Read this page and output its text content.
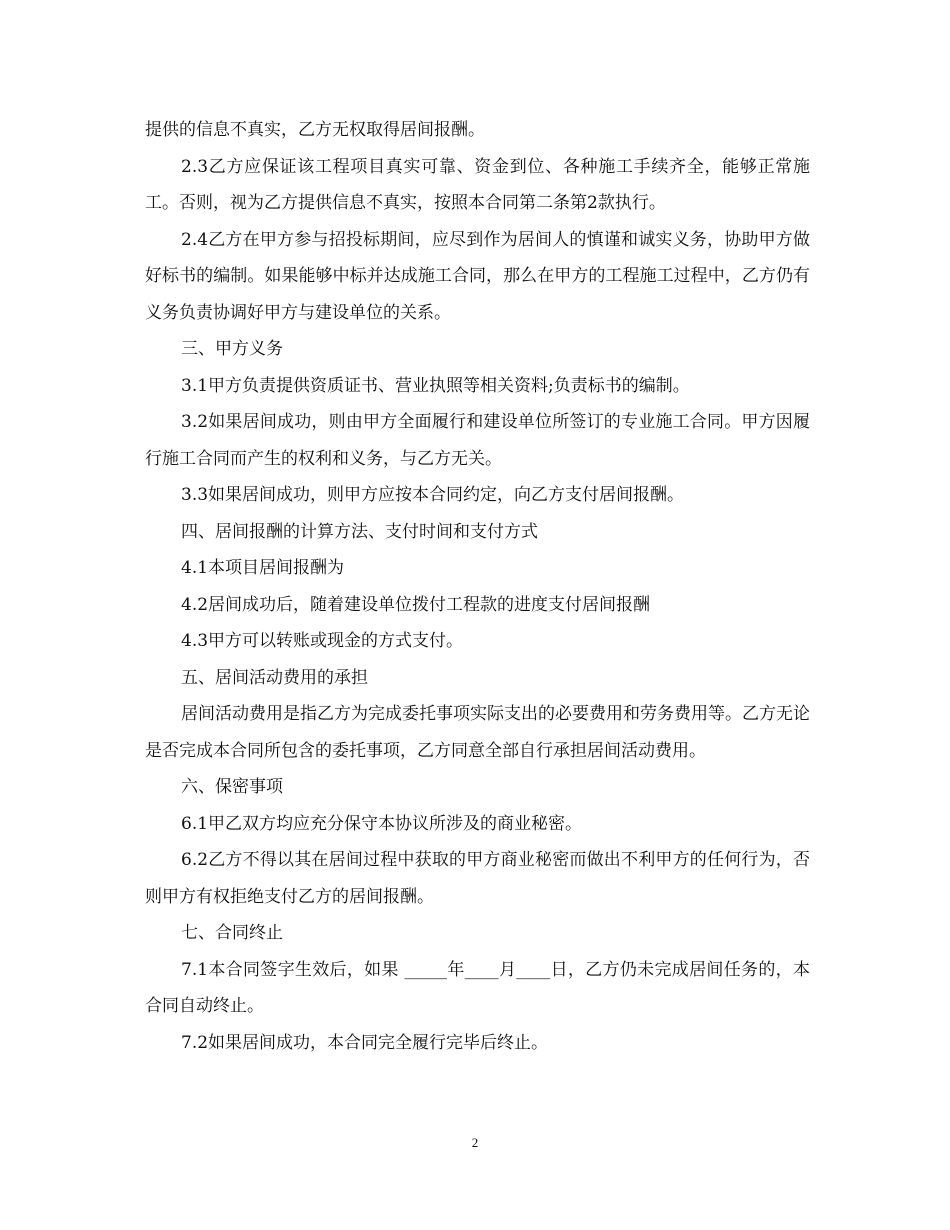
提供的信息不真实，乙方无权取得居间报酬。

2.3乙方应保证该工程项目真实可靠、资金到位、各种施工手续齐全，能够正常施工。否则，视为乙方提供信息不真实，按照本合同第二条第2款执行。

2.4乙方在甲方参与招投标期间，应尽到作为居间人的慎谨和诚实义务，协助甲方做好标书的编制。如果能够中标并达成施工合同，那么在甲方的工程施工过程中，乙方仍有义务负责协调好甲方与建设单位的关系。

三、甲方义务

3.1甲方负责提供资质证书、营业执照等相关资料;负责标书的编制。

3.2如果居间成功，则由甲方全面履行和建设单位所签订的专业施工合同。甲方因履行施工合同而产生的权利和义务，与乙方无关。

3.3如果居间成功，则甲方应按本合同约定，向乙方支付居间报酬。

四、居间报酬的计算方法、支付时间和支付方式

4.1本项目居间报酬为

4.2居间成功后，随着建设单位拨付工程款的进度支付居间报酬

4.3甲方可以转账或现金的方式支付。

五、居间活动费用的承担

居间活动费用是指乙方为完成委托事项实际支出的必要费用和劳务费用等。乙方无论是否完成本合同所包含的委托事项，乙方同意全部自行承担居间活动费用。

六、保密事项

6.1甲乙双方均应充分保守本协议所涉及的商业秘密。

6.2乙方不得以其在居间过程中获取的甲方商业秘密而做出不利甲方的任何行为，否则甲方有权拒绝支付乙方的居间报酬。

七、合同终止

7.1本合同签字生效后，如果 _____年____月____日，乙方仍未完成居间任务的，本合同自动终止。

7.2如果居间成功，本合同完全履行完毕后终止。

2
